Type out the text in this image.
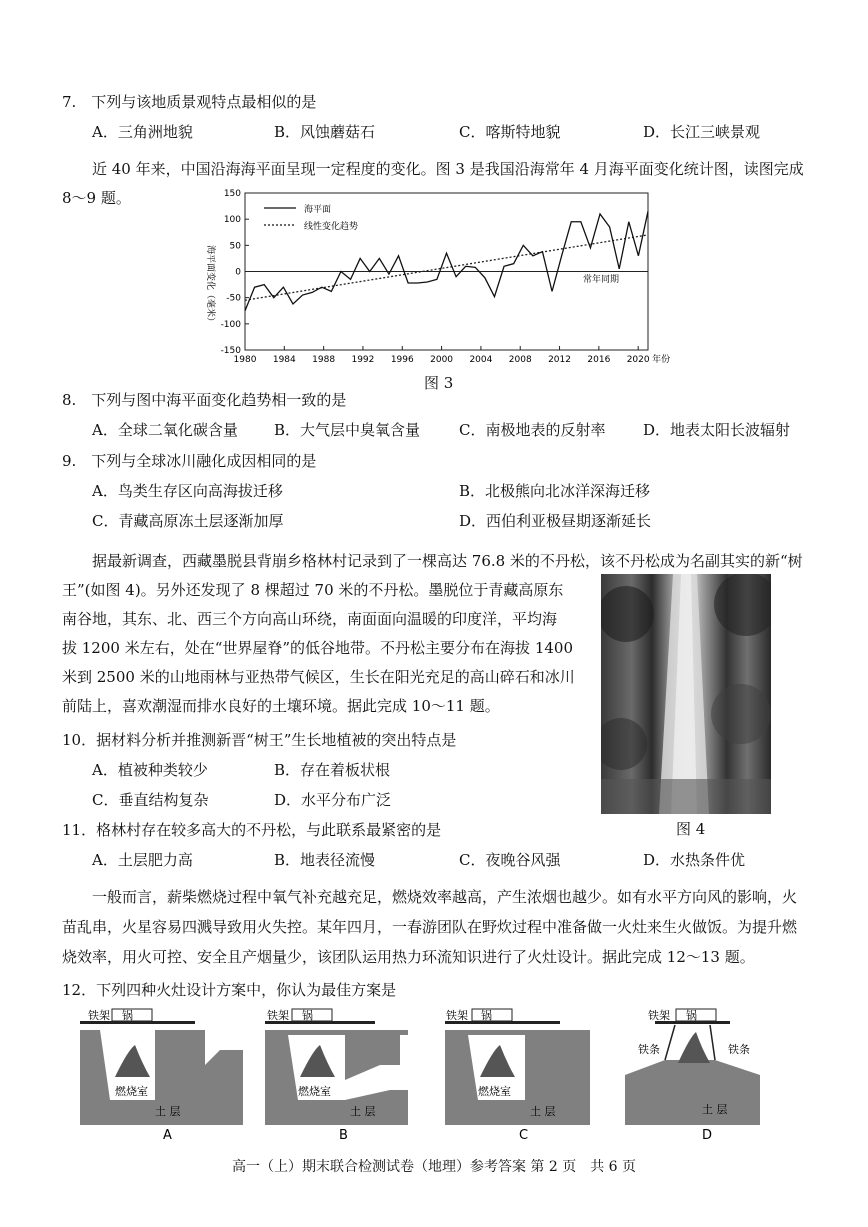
7.　下列与该地质景观特点最相似的是
A．三角洲地貌	B．风蚀蘑菇石	C．喀斯特地貌	D．长江三峡景观
近 40 年来，中国沿海海平面呈现一定程度的变化。图 3 是我国沿海常年 4 月海平面变化统计图，读图完成
8～9 题。
-150
-100
-50
0
50
100
150
1980 1984 1988 1992 1996 2000 2004 2008 2012 2016 2020 年份
海平面
线性变化趋势
常年同期
海平面变化（毫米）
图 3
8.　下列与图中海平面变化趋势相一致的是
A．全球二氧化碳含量 B．大气层中臭氧含量	C．南极地表的反射率	D．地表太阳长波辐射
9.　下列与全球冰川融化成因相同的是
A．鸟类生存区向高海拔迁移	B．北极熊向北冰洋深海迁移
C．青藏高原冻土层逐渐加厚	D．西伯利亚极昼期逐渐延长
据最新调查，西藏墨脱县背崩乡格林村记录到了一棵高达 76.8 米的不丹松，该不丹松成为名副其实的新“树
王”(如图 4)。另外还发现了 8 棵超过 70 米的不丹松。墨脱位于青藏高原东
南谷地，其东、北、西三个方向高山环绕，南面面向温暖的印度洋，平均海
拔 1200 米左右，处在“世界屋脊”的低谷地带。不丹松主要分布在海拔 1400
米到 2500 米的山地雨林与亚热带气候区，生长在阳光充足的高山碎石和冰川
前陆上，喜欢潮湿而排水良好的土壤环境。据此完成 10～11 题。
图 4
10．据材料分析并推测新晋“树王”生长地植被的突出特点是
A．植被种类较少	B．存在着板状根
C．垂直结构复杂	D．水平分布广泛
11．格林村存在较多高大的不丹松，与此联系最紧密的是
A．土层肥力高	B．地表径流慢	C．夜晚谷风强	D．水热条件优
一般而言，薪柴燃烧过程中氧气补充越充足，燃烧效率越高，产生浓烟也越少。如有水平方向风的影响，火
苗乱串，火星容易四溅导致用火失控。某年四月，一春游团队在野炊过程中准备做一火灶来生火做饭。为提升燃
烧效率，用火可控、安全且产烟量少，该团队运用热力环流知识进行了火灶设计。据此完成 12～13 题。
12．下列四种火灶设计方案中，你认为最佳方案是
铁架 锅
燃烧室
土 层
A
铁架 锅
燃烧室
土 层
B
铁架 锅
燃烧室
土 层
C
铁架 锅
铁条	铁条
土 层
D
高一（上）期末联合检测试卷（地理）参考答案 第 2 页　共 6 页
